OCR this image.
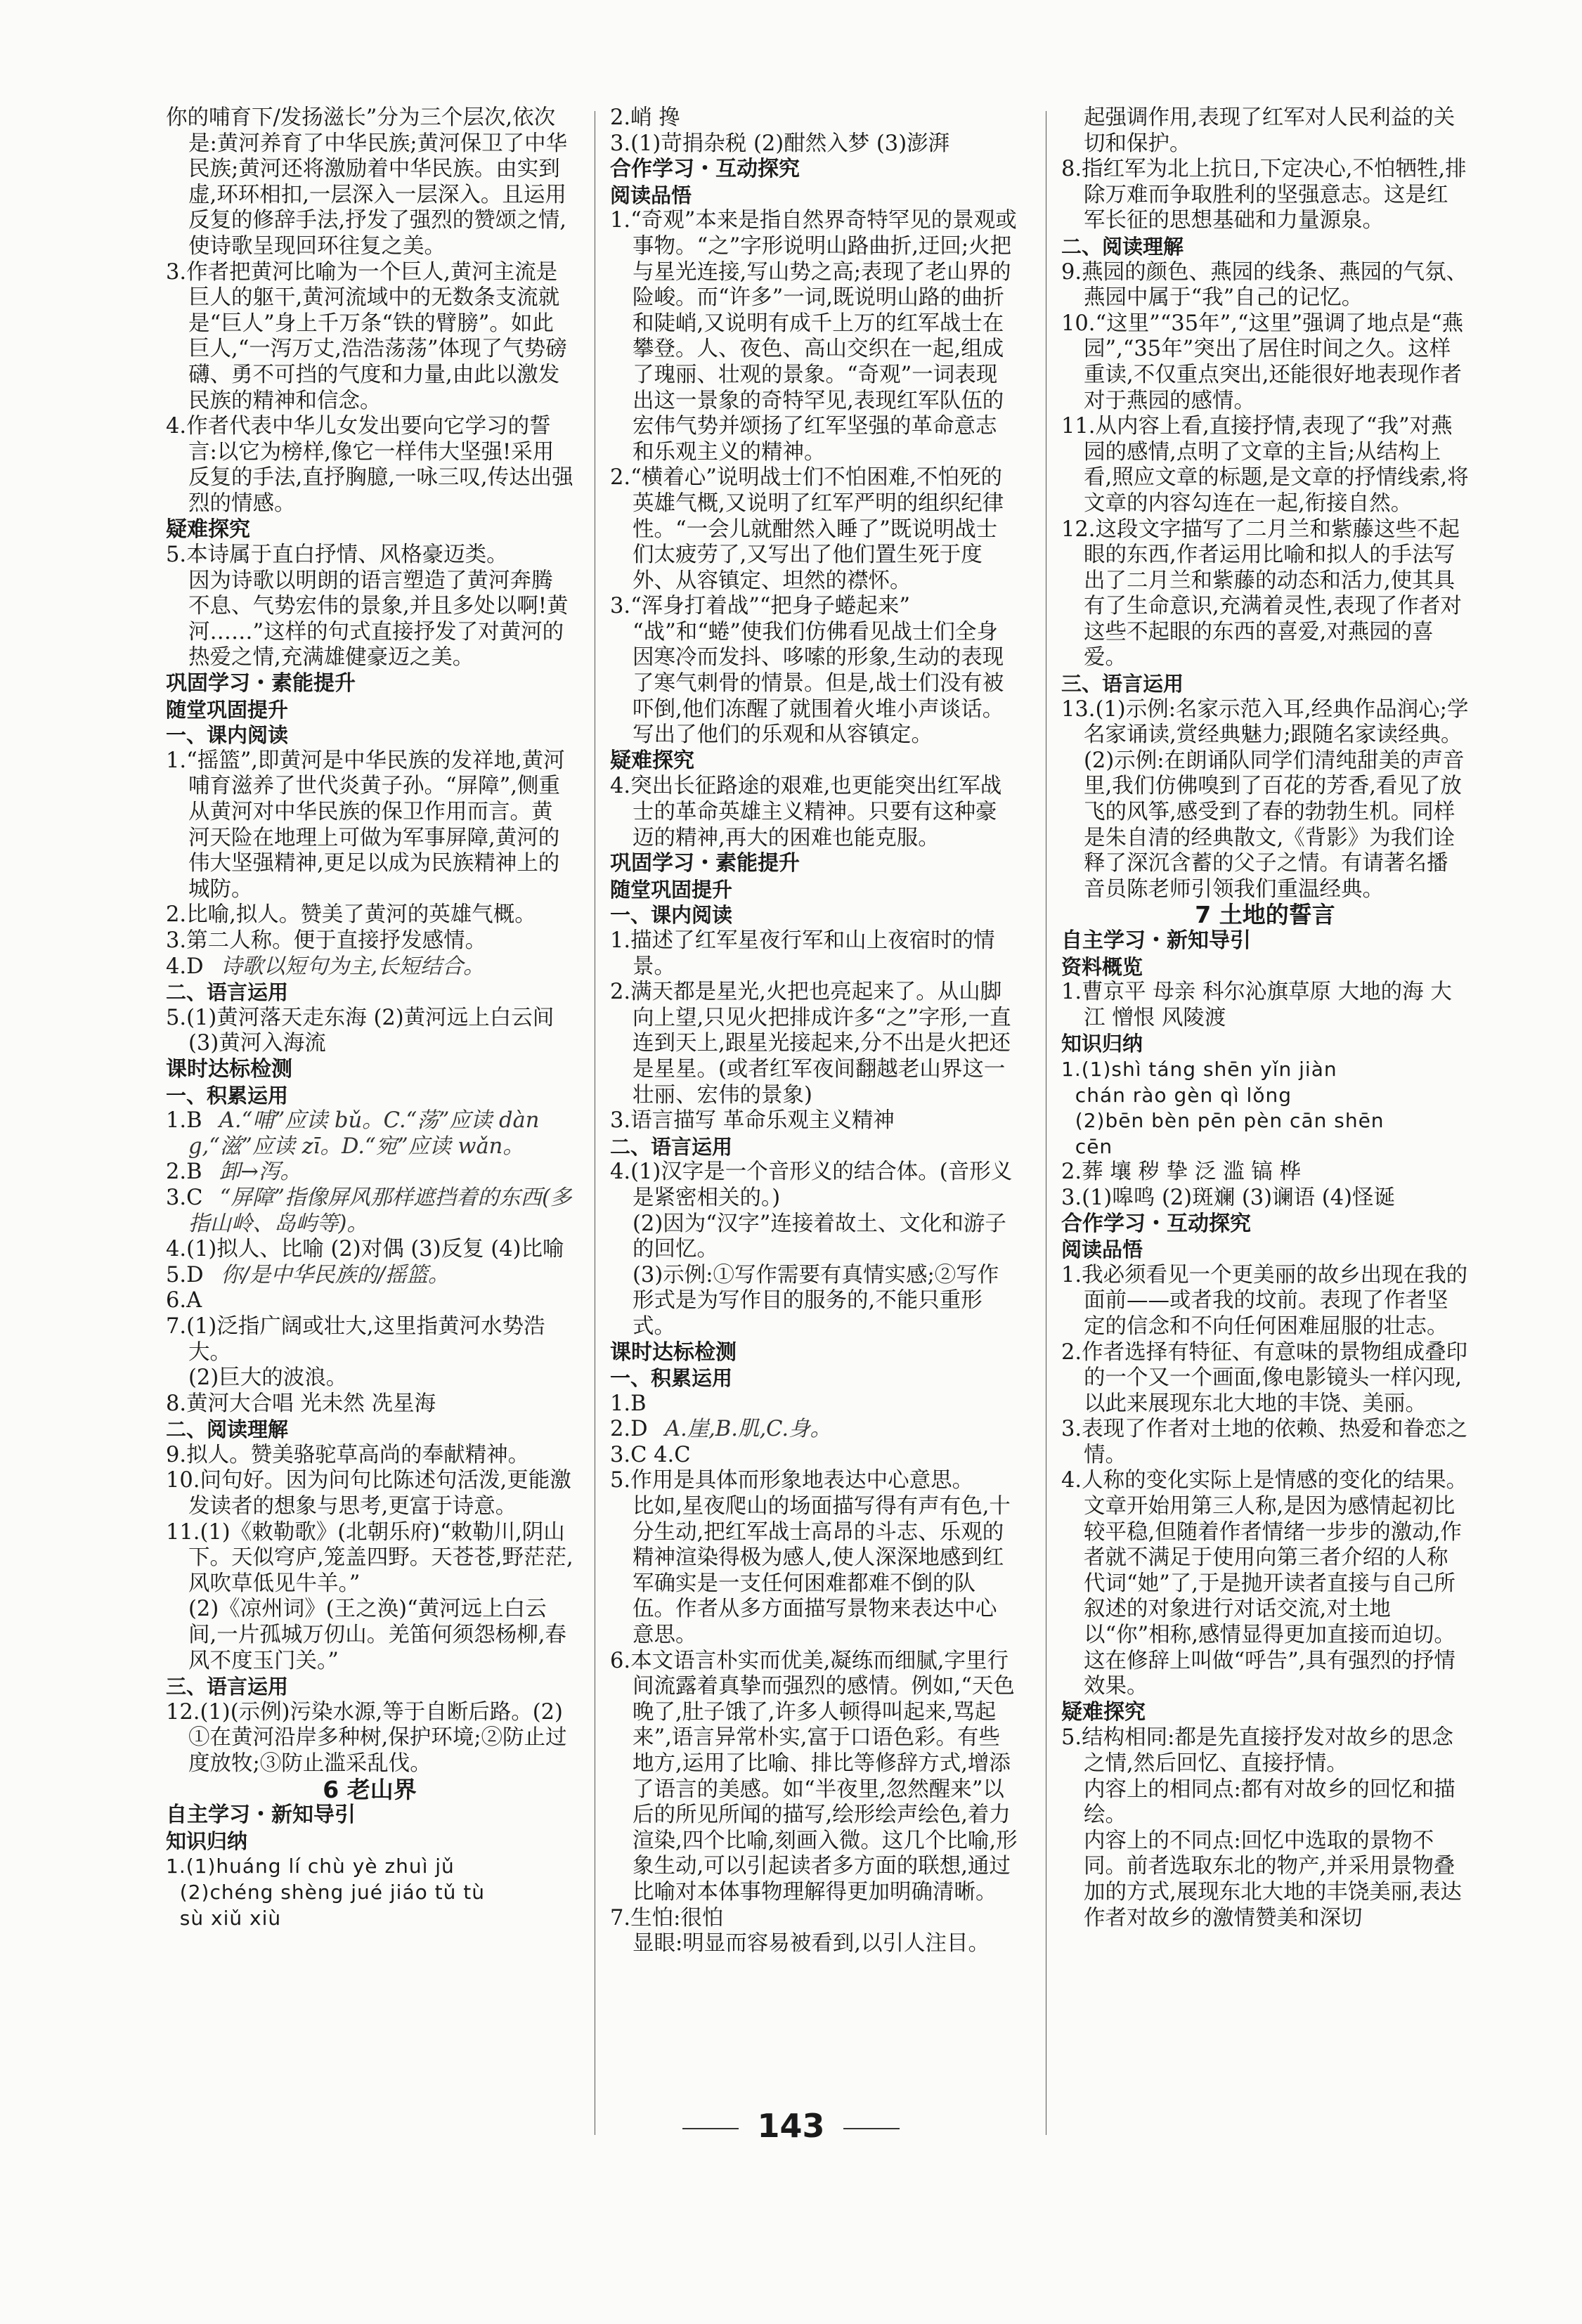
你的哺育下/发扬滋长”分为三个层次,依次是:黄河养育了中华民族;黄河保卫了中华民族;黄河还将激励着中华民族。由实到虚,环环相扣,一层深入一层深入。且运用反复的修辞手法,抒发了强烈的赞颂之情,使诗歌呈现回环往复之美。
3.作者把黄河比喻为一个巨人,黄河主流是巨人的躯干,黄河流域中的无数条支流就是“巨人”身上千万条“铁的臂膀”。如此巨人,“一泻万丈,浩浩荡荡”体现了气势磅礴、勇不可挡的气度和力量,由此以激发民族的精神和信念。
4.作者代表中华儿女发出要向它学习的誓言:以它为榜样,像它一样伟大坚强!采用反复的手法,直抒胸臆,一咏三叹,传达出强烈的情感。
疑难探究
5.本诗属于直白抒情、风格豪迈类。
因为诗歌以明朗的语言塑造了黄河奔腾不息、气势宏伟的景象,并且多处以啊!黄河……”这样的句式直接抒发了对黄河的热爱之情,充满雄健豪迈之美。
巩固学习・素能提升
随堂巩固提升
一、课内阅读
1.“摇篮”,即黄河是中华民族的发祥地,黄河哺育滋养了世代炎黄子孙。“屏障”,侧重从黄河对中华民族的保卫作用而言。黄河天险在地理上可做为军事屏障,黄河的伟大坚强精神,更足以成为民族精神上的城防。
2.比喻,拟人。赞美了黄河的英雄气概。
3.第二人称。便于直接抒发感情。
4.D 诗歌以短句为主,长短结合。
二、语言运用
5.(1)黄河落天走东海 (2)黄河远上白云间 (3)黄河入海流
课时达标检测
一、积累运用
1.B A.“哺”应读 bǔ。C.“荡”应读 dàng,“滋”应读 zī。D.“宛”应读 wǎn。
2.B 卸→泻。
3.C “屏障”指像屏风那样遮挡着的东西(多指山岭、岛屿等)。
4.(1)拟人、比喻 (2)对偶 (3)反复 (4)比喻
5.D 你/是中华民族的/摇篮。
6.A
7.(1)泛指广阔或壮大,这里指黄河水势浩大。
(2)巨大的波浪。
8.黄河大合唱 光未然 冼星海
二、阅读理解
9.拟人。赞美骆驼草高尚的奉献精神。
10.问句好。因为问句比陈述句活泼,更能激发读者的想象与思考,更富于诗意。
11.(1)《敕勒歌》(北朝乐府)“敕勒川,阴山下。天似穹庐,笼盖四野。天苍苍,野茫茫,风吹草低见牛羊。”
(2)《凉州词》(王之涣)“黄河远上白云间,一片孤城万仞山。羌笛何须怨杨柳,春风不度玉门关。”
三、语言运用
12.(1)(示例)污染水源,等于自断后路。(2)①在黄河沿岸多种树,保护环境;②防止过度放牧;③防止滥采乱伐。
6 老山界
自主学习・新知导引
知识归纳
1.(1)huáng lí chù yè zhuì jǔ
(2)chéng shèng jué jiáo tǔ tù
sù xiǔ xiù
2.峭 搀
3.(1)苛捐杂税 (2)酣然入梦 (3)澎湃
合作学习・互动探究
阅读品悟
1.“奇观”本来是指自然界奇特罕见的景观或事物。“之”字形说明山路曲折,迂回;火把与星光连接,写山势之高;表现了老山界的险峻。而“许多”一词,既说明山路的曲折和陡峭,又说明有成千上万的红军战士在攀登。人、夜色、高山交织在一起,组成了瑰丽、壮观的景象。“奇观”一词表现出这一景象的奇特罕见,表现红军队伍的宏伟气势并颂扬了红军坚强的革命意志和乐观主义的精神。
2.“横着心”说明战士们不怕困难,不怕死的英雄气概,又说明了红军严明的组织纪律性。“一会儿就酣然入睡了”既说明战士们太疲劳了,又写出了他们置生死于度外、从容镇定、坦然的襟怀。
3.“浑身打着战”“把身子蜷起来”
“战”和“蜷”使我们仿佛看见战士们全身因寒冷而发抖、哆嗦的形象,生动的表现了寒气刺骨的情景。但是,战士们没有被吓倒,他们冻醒了就围着火堆小声谈话。写出了他们的乐观和从容镇定。
疑难探究
4.突出长征路途的艰难,也更能突出红军战士的革命英雄主义精神。只要有这种豪迈的精神,再大的困难也能克服。
巩固学习・素能提升
随堂巩固提升
一、课内阅读
1.描述了红军星夜行军和山上夜宿时的情景。
2.满天都是星光,火把也亮起来了。从山脚向上望,只见火把排成许多“之”字形,一直连到天上,跟星光接起来,分不出是火把还是星星。(或者红军夜间翻越老山界这一壮丽、宏伟的景象)
3.语言描写 革命乐观主义精神
二、语言运用
4.(1)汉字是一个音形义的结合体。(音形义是紧密相关的。)
(2)因为“汉字”连接着故土、文化和游子的回忆。
(3)示例:①写作需要有真情实感;②写作形式是为写作目的服务的,不能只重形式。
课时达标检测
一、积累运用
1.B
2.D A.崖,B.肌,C.身。
3.C 4.C
5.作用是具体而形象地表达中心意思。
比如,星夜爬山的场面描写得有声有色,十分生动,把红军战士高昂的斗志、乐观的精神渲染得极为感人,使人深深地感到红军确实是一支任何困难都难不倒的队伍。作者从多方面描写景物来表达中心意思。
6.本文语言朴实而优美,凝练而细腻,字里行间流露着真挚而强烈的感情。例如,“天色晚了,肚子饿了,许多人顿得叫起来,骂起来”,语言异常朴实,富于口语色彩。有些地方,运用了比喻、排比等修辞方式,增添了语言的美感。如“半夜里,忽然醒来”以后的所见所闻的描写,绘形绘声绘色,着力渲染,四个比喻,刻画入微。这几个比喻,形象生动,可以引起读者多方面的联想,通过比喻对本体事物理解得更加明确清晰。
7.生怕:很怕
显眼:明显而容易被看到,以引人注目。
起强调作用,表现了红军对人民利益的关切和保护。
8.指红军为北上抗日,下定决心,不怕牺牲,排除万难而争取胜利的坚强意志。这是红军长征的思想基础和力量源泉。
二、阅读理解
9.燕园的颜色、燕园的线条、燕园的气氛、燕园中属于“我”自己的记忆。
10.“这里”“35年”,“这里”强调了地点是“燕园”,“35年”突出了居住时间之久。这样重读,不仅重点突出,还能很好地表现作者对于燕园的感情。
11.从内容上看,直接抒情,表现了“我”对燕园的感情,点明了文章的主旨;从结构上看,照应文章的标题,是文章的抒情线索,将文章的内容勾连在一起,衔接自然。
12.这段文字描写了二月兰和紫藤这些不起眼的东西,作者运用比喻和拟人的手法写出了二月兰和紫藤的动态和活力,使其具有了生命意识,充满着灵性,表现了作者对这些不起眼的东西的喜爱,对燕园的喜爱。
三、语言运用
13.(1)示例:名家示范入耳,经典作品润心;学名家诵读,赏经典魅力;跟随名家读经典。
(2)示例:在朗诵队同学们清纯甜美的声音里,我们仿佛嗅到了百花的芳香,看见了放飞的风筝,感受到了春的勃勃生机。同样是朱自清的经典散文,《背影》为我们诠释了深沉含蓄的父子之情。有请著名播音员陈老师引领我们重温经典。
7 土地的誓言
自主学习・新知导引
资料概览
1.曹京平 母亲 科尔沁旗草原 大地的海 大江 憎恨 风陵渡
知识归纳
1.(1)shì táng shēn yǐn jiàn
chán rào gèn qì lǒng
(2)bēn bèn pēn pèn cān shēn
cēn
2.葬 壤 秽 挚 泛 滥 镐 桦
3.(1)嗥鸣 (2)斑斓 (3)谰语 (4)怪诞
合作学习・互动探究
阅读品悟
1.我必须看见一个更美丽的故乡出现在我的面前——或者我的坟前。表现了作者坚定的信念和不向任何困难屈服的壮志。
2.作者选择有特征、有意味的景物组成叠印的一个又一个画面,像电影镜头一样闪现,以此来展现东北大地的丰饶、美丽。
3.表现了作者对土地的依赖、热爱和眷恋之情。
4.人称的变化实际上是情感的变化的结果。文章开始用第三人称,是因为感情起初比较平稳,但随着作者情绪一步步的激动,作者就不满足于使用向第三者介绍的人称代词“她”了,于是抛开读者直接与自己所叙述的对象进行对话交流,对土地以“你”相称,感情显得更加直接而迫切。这在修辞上叫做“呼告”,具有强烈的抒情效果。
疑难探究
5.结构相同:都是先直接抒发对故乡的思念之情,然后回忆、直接抒情。
内容上的相同点:都有对故乡的回忆和描绘。
内容上的不同点:回忆中选取的景物不同。前者选取东北的物产,并采用景物叠加的方式,展现东北大地的丰饶美丽,表达作者对故乡的激情赞美和深切
143
